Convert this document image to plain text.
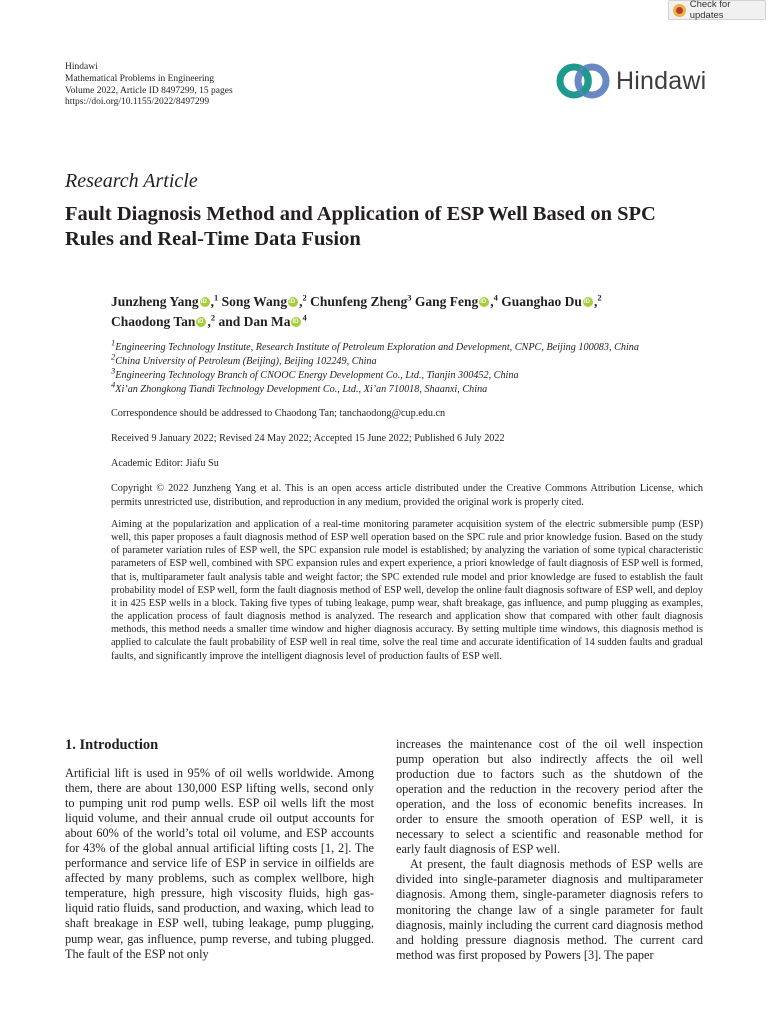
Check for updates
Hindawi
Mathematical Problems in Engineering
Volume 2022, Article ID 8497299, 15 pages
https://doi.org/10.1155/2022/8497299
Hindawi
Research Article
Fault Diagnosis Method and Application of ESP Well Based on SPC
Rules and Real-Time Data Fusion
Junzheng Yang iD ,$^1$ Song Wang iD ,$^2$ Chunfeng Zheng$^3$ Gang Feng iD ,$^4$ Guanghao DuiD ,$^2$
Chaodong Tan iD ,$^2$ and Dan Ma iD $^4$
$^1$Engineering Technology Institute, Research Institute of Petroleum Exploration and Development, CNPC, Beijing 100083, China
$^2$China University of Petroleum (Beijing), Beijing 102249, China
$^3$Engineering Technology Branch of CNOOC Energy Development Co., Ltd., Tianjin 300452, China
$^4$Xi’an Zhongkong Tiandi Technology Development Co., Ltd., Xi’an 710018, Shaanxi, China
Correspondence should be addressed to Chaodong Tan; tanchaodong@cup.edu.cn
Received 9 January 2022; Revised 24 May 2022; Accepted 15 June 2022; Published 6 July 2022
Academic Editor: Jiafu Su
Copyright © 2022 Junzheng Yang et al. This is an open access article distributed under the Creative Commons Attribution License, which permits unrestricted use, distribution, and reproduction in any medium, provided the original work is properly cited.
Aiming at the popularization and application of a real-time monitoring parameter acquisition system of the electric submersible pump (ESP) well, this paper proposes a fault diagnosis method of ESP well operation based on the SPC rule and prior knowledge fusion. Based on the study of parameter variation rules of ESP well, the SPC expansion rule model is established; by analyzing the variation of some typical characteristic parameters of ESP well, combined with SPC expansion rules and expert experience, a priori knowledge of fault diagnosis of ESP well is formed, that is, multiparameter fault analysis table and weight factor; the SPC extended rule model and prior knowledge are fused to establish the fault probability model of ESP well, form the fault diagnosis method of ESP well, develop the online fault diagnosis software of ESP well, and deploy it in 425 ESP wells in a block. Taking five types of tubing leakage, pump wear, shaft breakage, gas influence, and pump plugging as examples, the application process of fault diagnosis method is analyzed. The research and application show that compared with other fault diagnosis methods, this method needs a smaller time window and higher diagnosis accuracy. By setting multiple time windows, this diagnosis method is applied to calculate the fault probability of ESP well in real time, solve the real time and accurate identification of 14 sudden faults and gradual faults, and significantly improve the intelligent diagnosis level of production faults of ESP well.
1. Introduction
Artificial lift is used in 95% of oil wells worldwide. Among them, there are about 130,000 ESP lifting wells, second only to pumping unit rod pump wells. ESP oil wells lift the most liquid volume, and their annual crude oil output accounts for about 60% of the world’s total oil volume, and ESP accounts for 43% of the global annual artificial lifting costs [1, 2]. The performance and service life of ESP in service in oilfields are affected by many problems, such as complex wellbore, high temperature, high pressure, high viscosity fluids, high gas-liquid ratio fluids, sand production, and waxing, which lead to shaft breakage in ESP well, tubing leakage, pump plugging, pump wear, gas influence, pump reverse, and tubing plugged. The fault of the ESP not only

increases the maintenance cost of the oil well inspection pump operation but also indirectly affects the oil well production due to factors such as the shutdown of the operation and the reduction in the recovery period after the operation, and the loss of economic benefits increases. In order to ensure the smooth operation of ESP well, it is necessary to select a scientific and reasonable method for early fault diagnosis of ESP well.

At present, the fault diagnosis methods of ESP wells are divided into single-parameter diagnosis and multiparameter diagnosis. Among them, single-parameter diagnosis refers to monitoring the change law of a single parameter for fault diagnosis, mainly including the current card diagnosis method and holding pressure diagnosis method. The current card method was first proposed by Powers [3]. The paper
